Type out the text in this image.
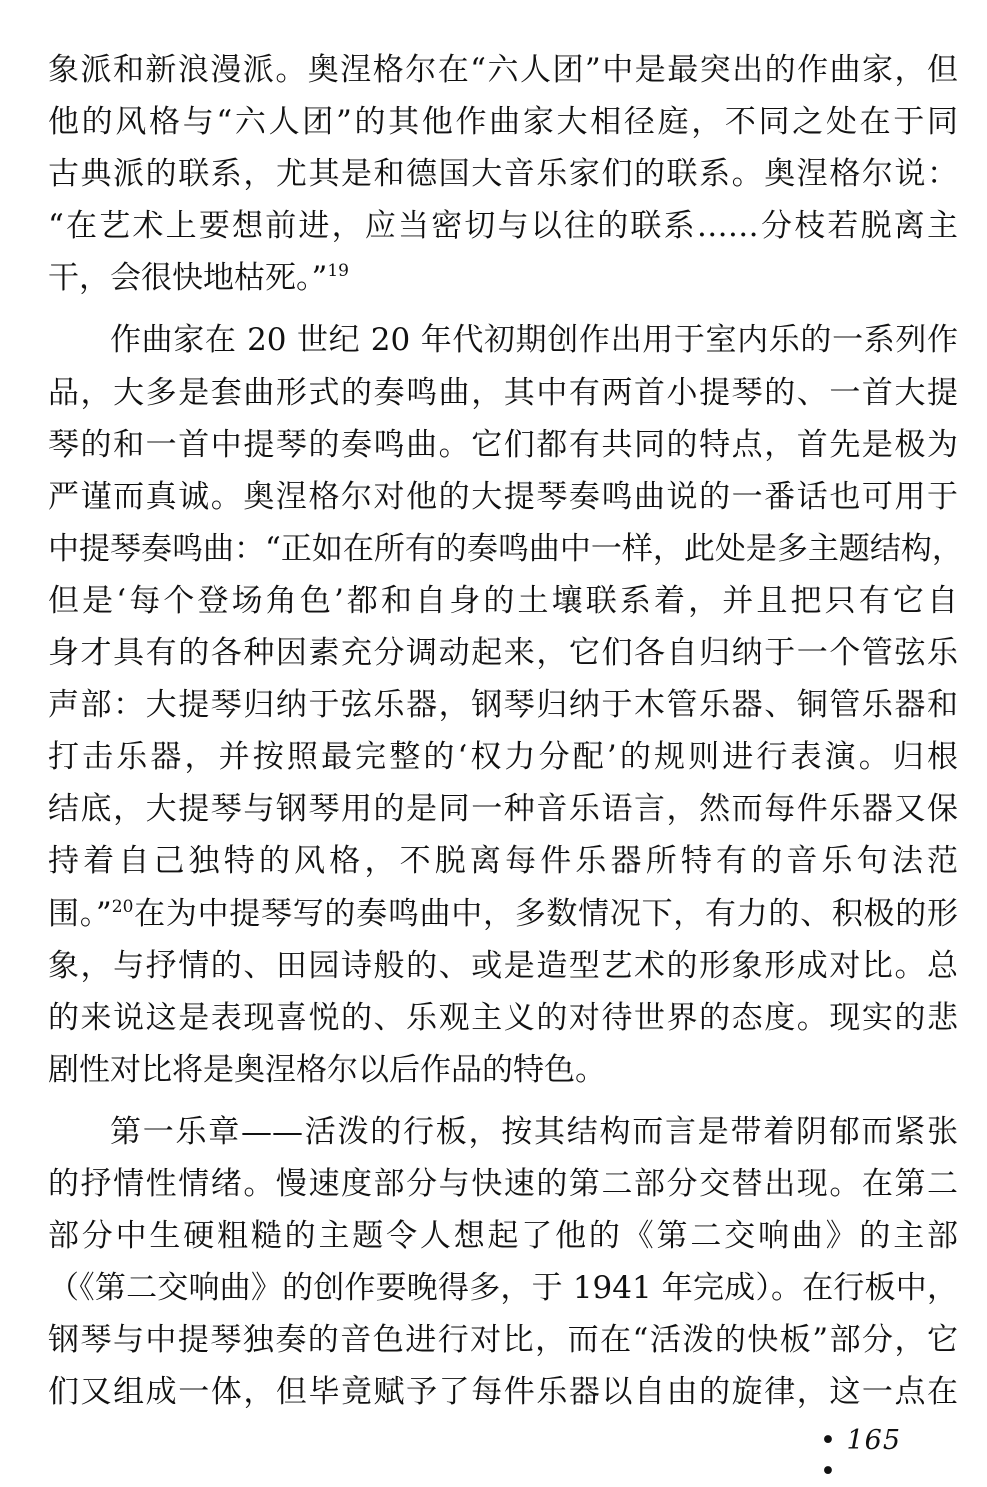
象派和新浪漫派。奥涅格尔在“六人团”中是最突出的作曲家，但
他的风格与“六人团”的其他作曲家大相径庭，不同之处在于同
古典派的联系，尤其是和德国大音乐家们的联系。奥涅格尔说：
“在艺术上要想前进，应当密切与以往的联系……分枝若脱离主
干，会很快地枯死。”$^{19}$
作曲家在 20 世纪 20 年代初期创作出用于室内乐的一系列作
品，大多是套曲形式的奏鸣曲，其中有两首小提琴的、一首大提
琴的和一首中提琴的奏鸣曲。它们都有共同的特点，首先是极为
严谨而真诚。奥涅格尔对他的大提琴奏鸣曲说的一番话也可用于
中提琴奏鸣曲：“正如在所有的奏鸣曲中一样，此处是多主题结构，
但是‘每个登场角色’都和自身的土壤联系着，并且把只有它自
身才具有的各种因素充分调动起来，它们各自归纳于一个管弦乐
声部：大提琴归纳于弦乐器，钢琴归纳于木管乐器、铜管乐器和
打击乐器，并按照最完整的‘权力分配’的规则进行表演。归根
结底，大提琴与钢琴用的是同一种音乐语言，然而每件乐器又保
持着自己独特的风格，不脱离每件乐器所特有的音乐句法范
围。”$^{20}$在为中提琴写的奏鸣曲中，多数情况下，有力的、积极的形
象，与抒情的、田园诗般的、或是造型艺术的形象形成对比。总
的来说这是表现喜悦的、乐观主义的对待世界的态度。现实的悲
剧性对比将是奥涅格尔以后作品的特色。
第一乐章——活泼的行板，按其结构而言是带着阴郁而紧张
的抒情性情绪。慢速度部分与快速的第二部分交替出现。在第二
部分中生硬粗糙的主题令人想起了他的《第二交响曲》的主部
（《第二交响曲》的创作要晚得多，于 1941 年完成）。在行板中，
钢琴与中提琴独奏的音色进行对比，而在“活泼的快板”部分，它
们又组成一体，但毕竟赋予了每件乐器以自由的旋律，这一点在
• 165 •
